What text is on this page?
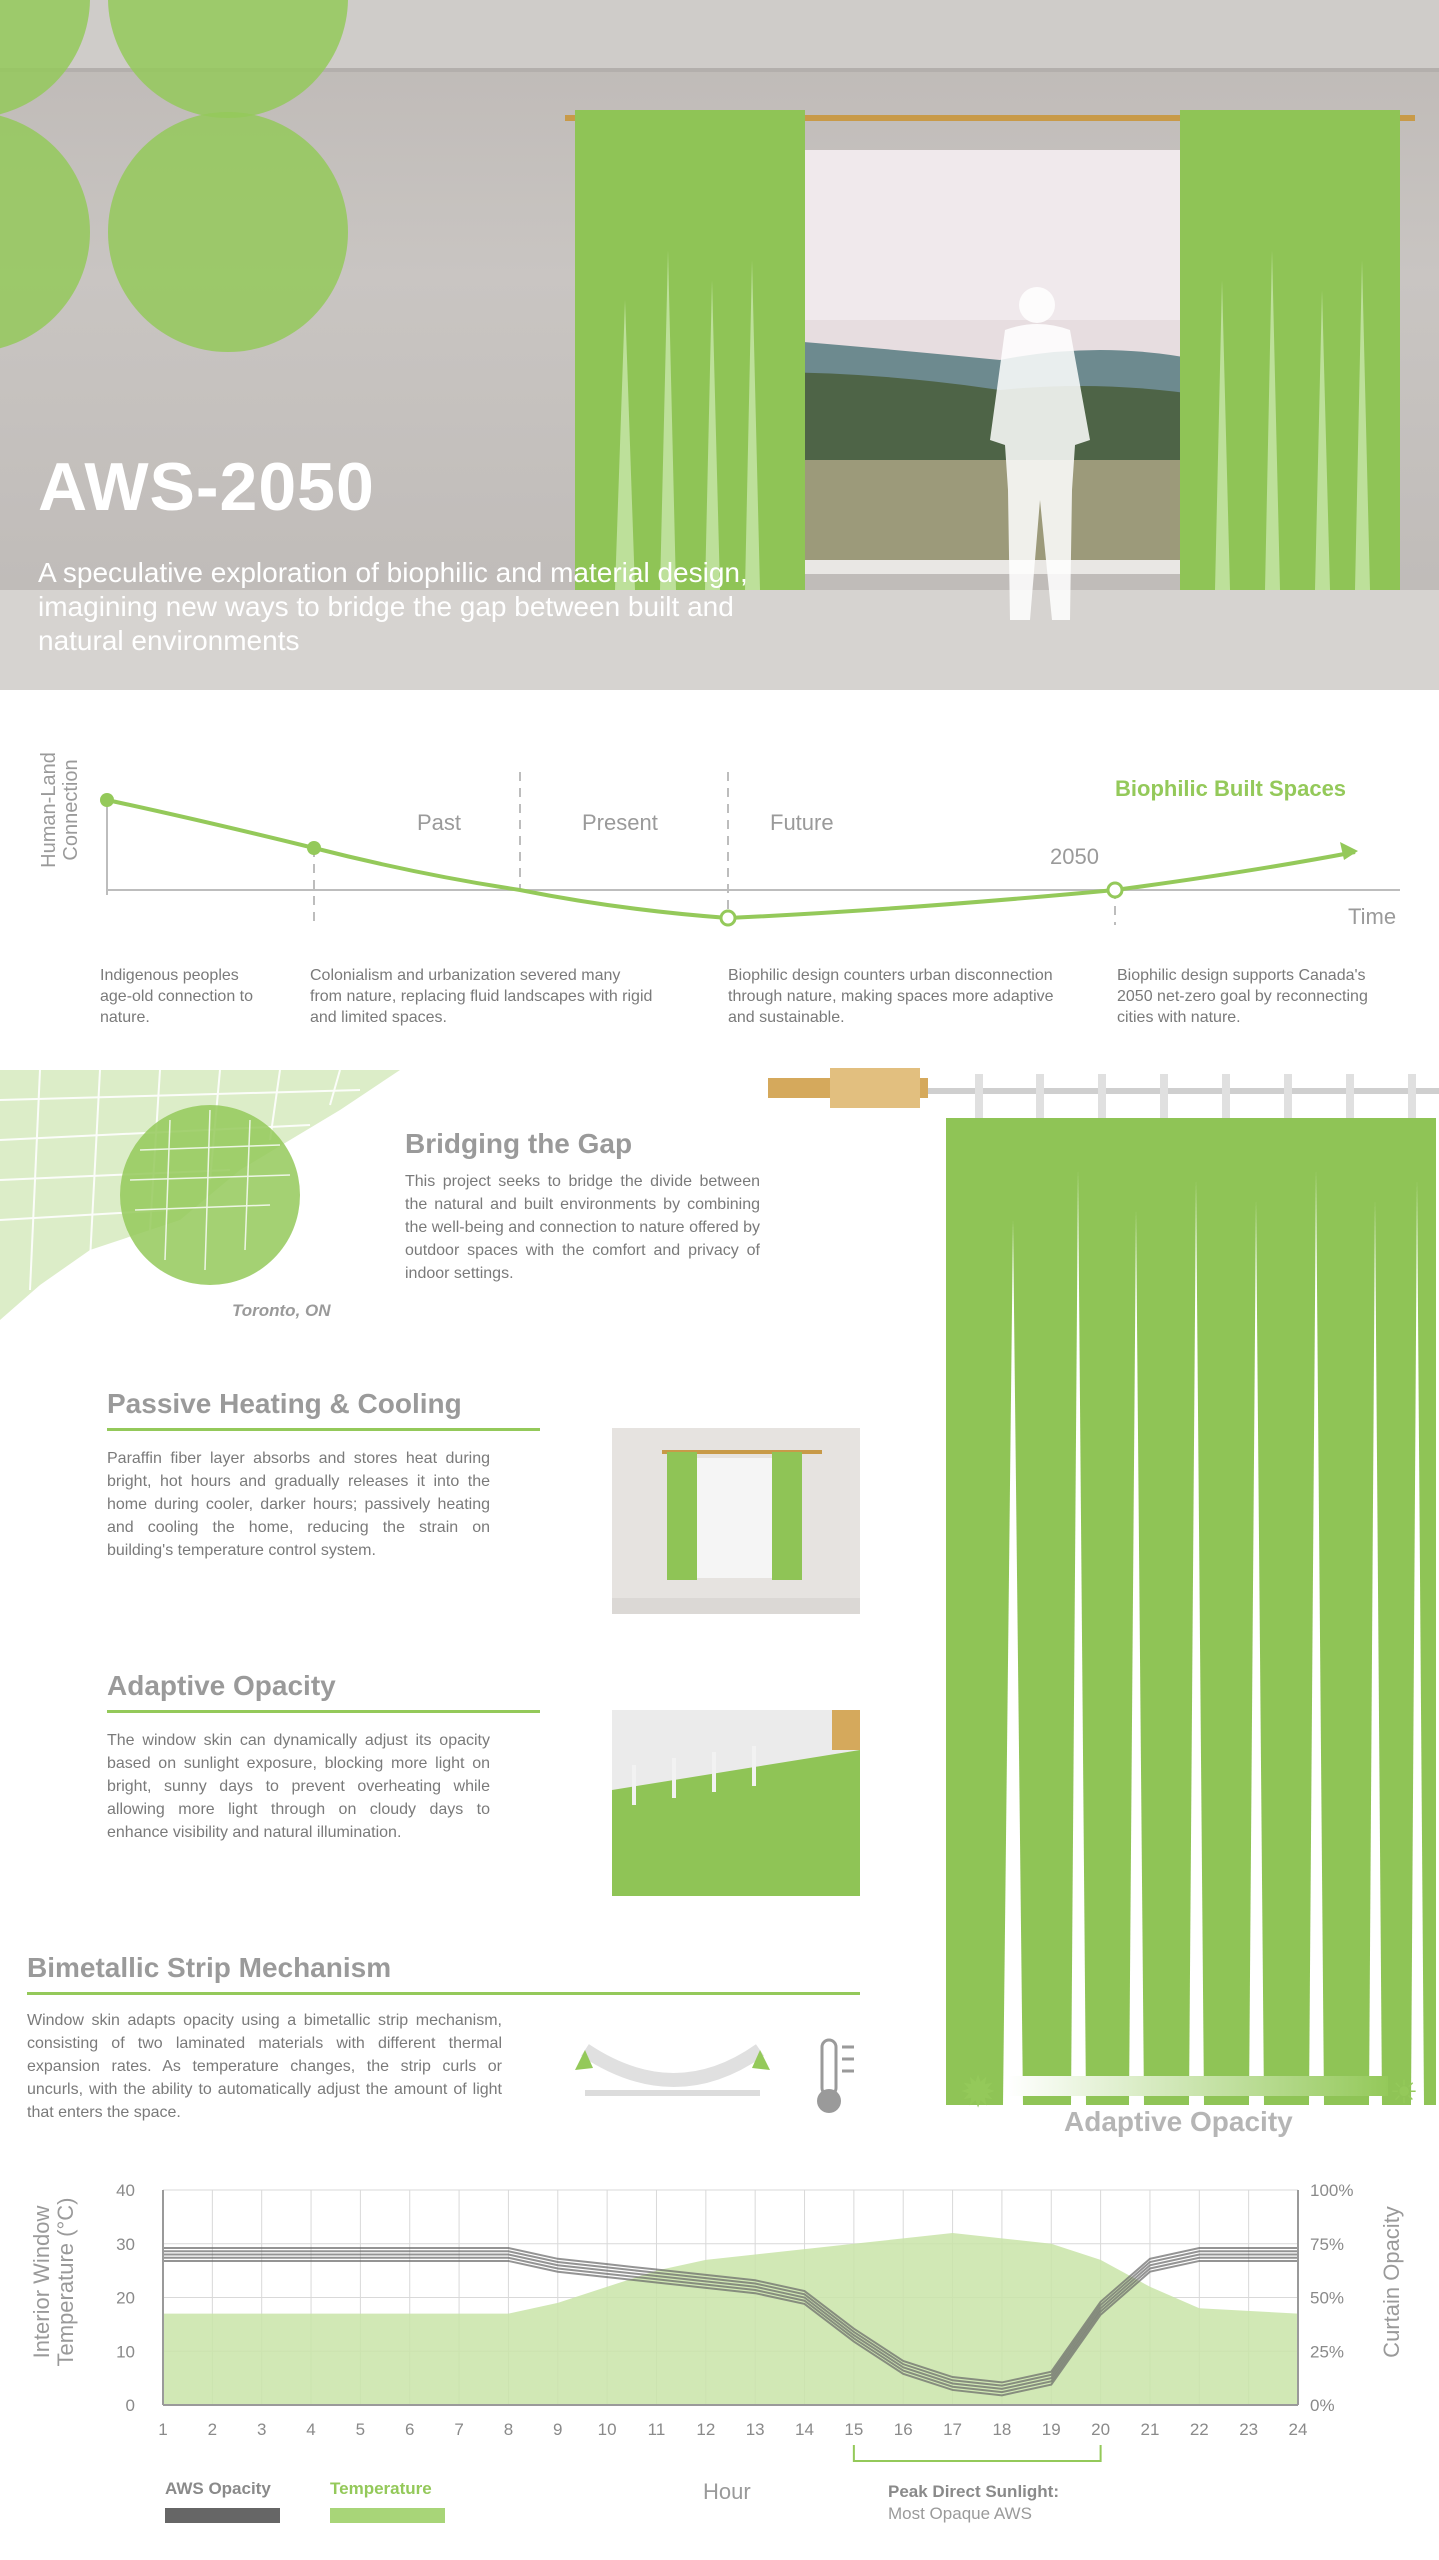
AWS-2050
A speculative exploration of biophilic and material design, imagining new ways to bridge the gap between built and natural environments
Human-Land Connection	Past	Present	Future
Biophilic Built Spaces
2050
Time
Indigenous peoples age-old connection to nature.
Colonialism and urbanization severed many from nature, replacing fluid landscapes with rigid and limited spaces.
Biophilic design counters urban disconnection through nature, making spaces more adaptive and sustainable.
Biophilic design supports Canada's 2050 net-zero goal by reconnecting cities with nature.
Toronto, ON
Bridging the Gap
This project seeks to bridge the divide between the natural and built environments by combining the well-being and connection to nature offered by outdoor spaces with the comfort and privacy of indoor settings.
Passive Heating & Cooling
Paraffin fiber layer absorbs and stores heat during bright, hot hours and gradually releases it into the home during cooler, darker hours; passively heating and cooling the home, reducing the strain on building's temperature control system.
Adaptive Opacity
The window skin can dynamically adjust its opacity based on sunlight exposure, blocking more light on bright, sunny days to prevent overheating while allowing more light through on cloudy days to enhance visibility and natural illumination.
Bimetallic Strip Mechanism
Window skin adapts opacity using a bimetallic strip mechanism, consisting of two laminated materials with different thermal expansion rates. As temperature changes, the strip curls or uncurls, with the ability to automatically adjust the amount of light that enters the space.	✹	☀
Adaptive Opacity
0
10
20
30
40
0%
25%
50%
75%
100%
1 2 3 4 5 6 7 8 9 10 11 12 13 14 15 16 17 18 19 20 21 22 23 24
Interior Window Temperature (°C)	Curtain Opacity
Hour
AWS Opacity	Temperature	Peak Direct Sunlight:
Most Opaque AWS
